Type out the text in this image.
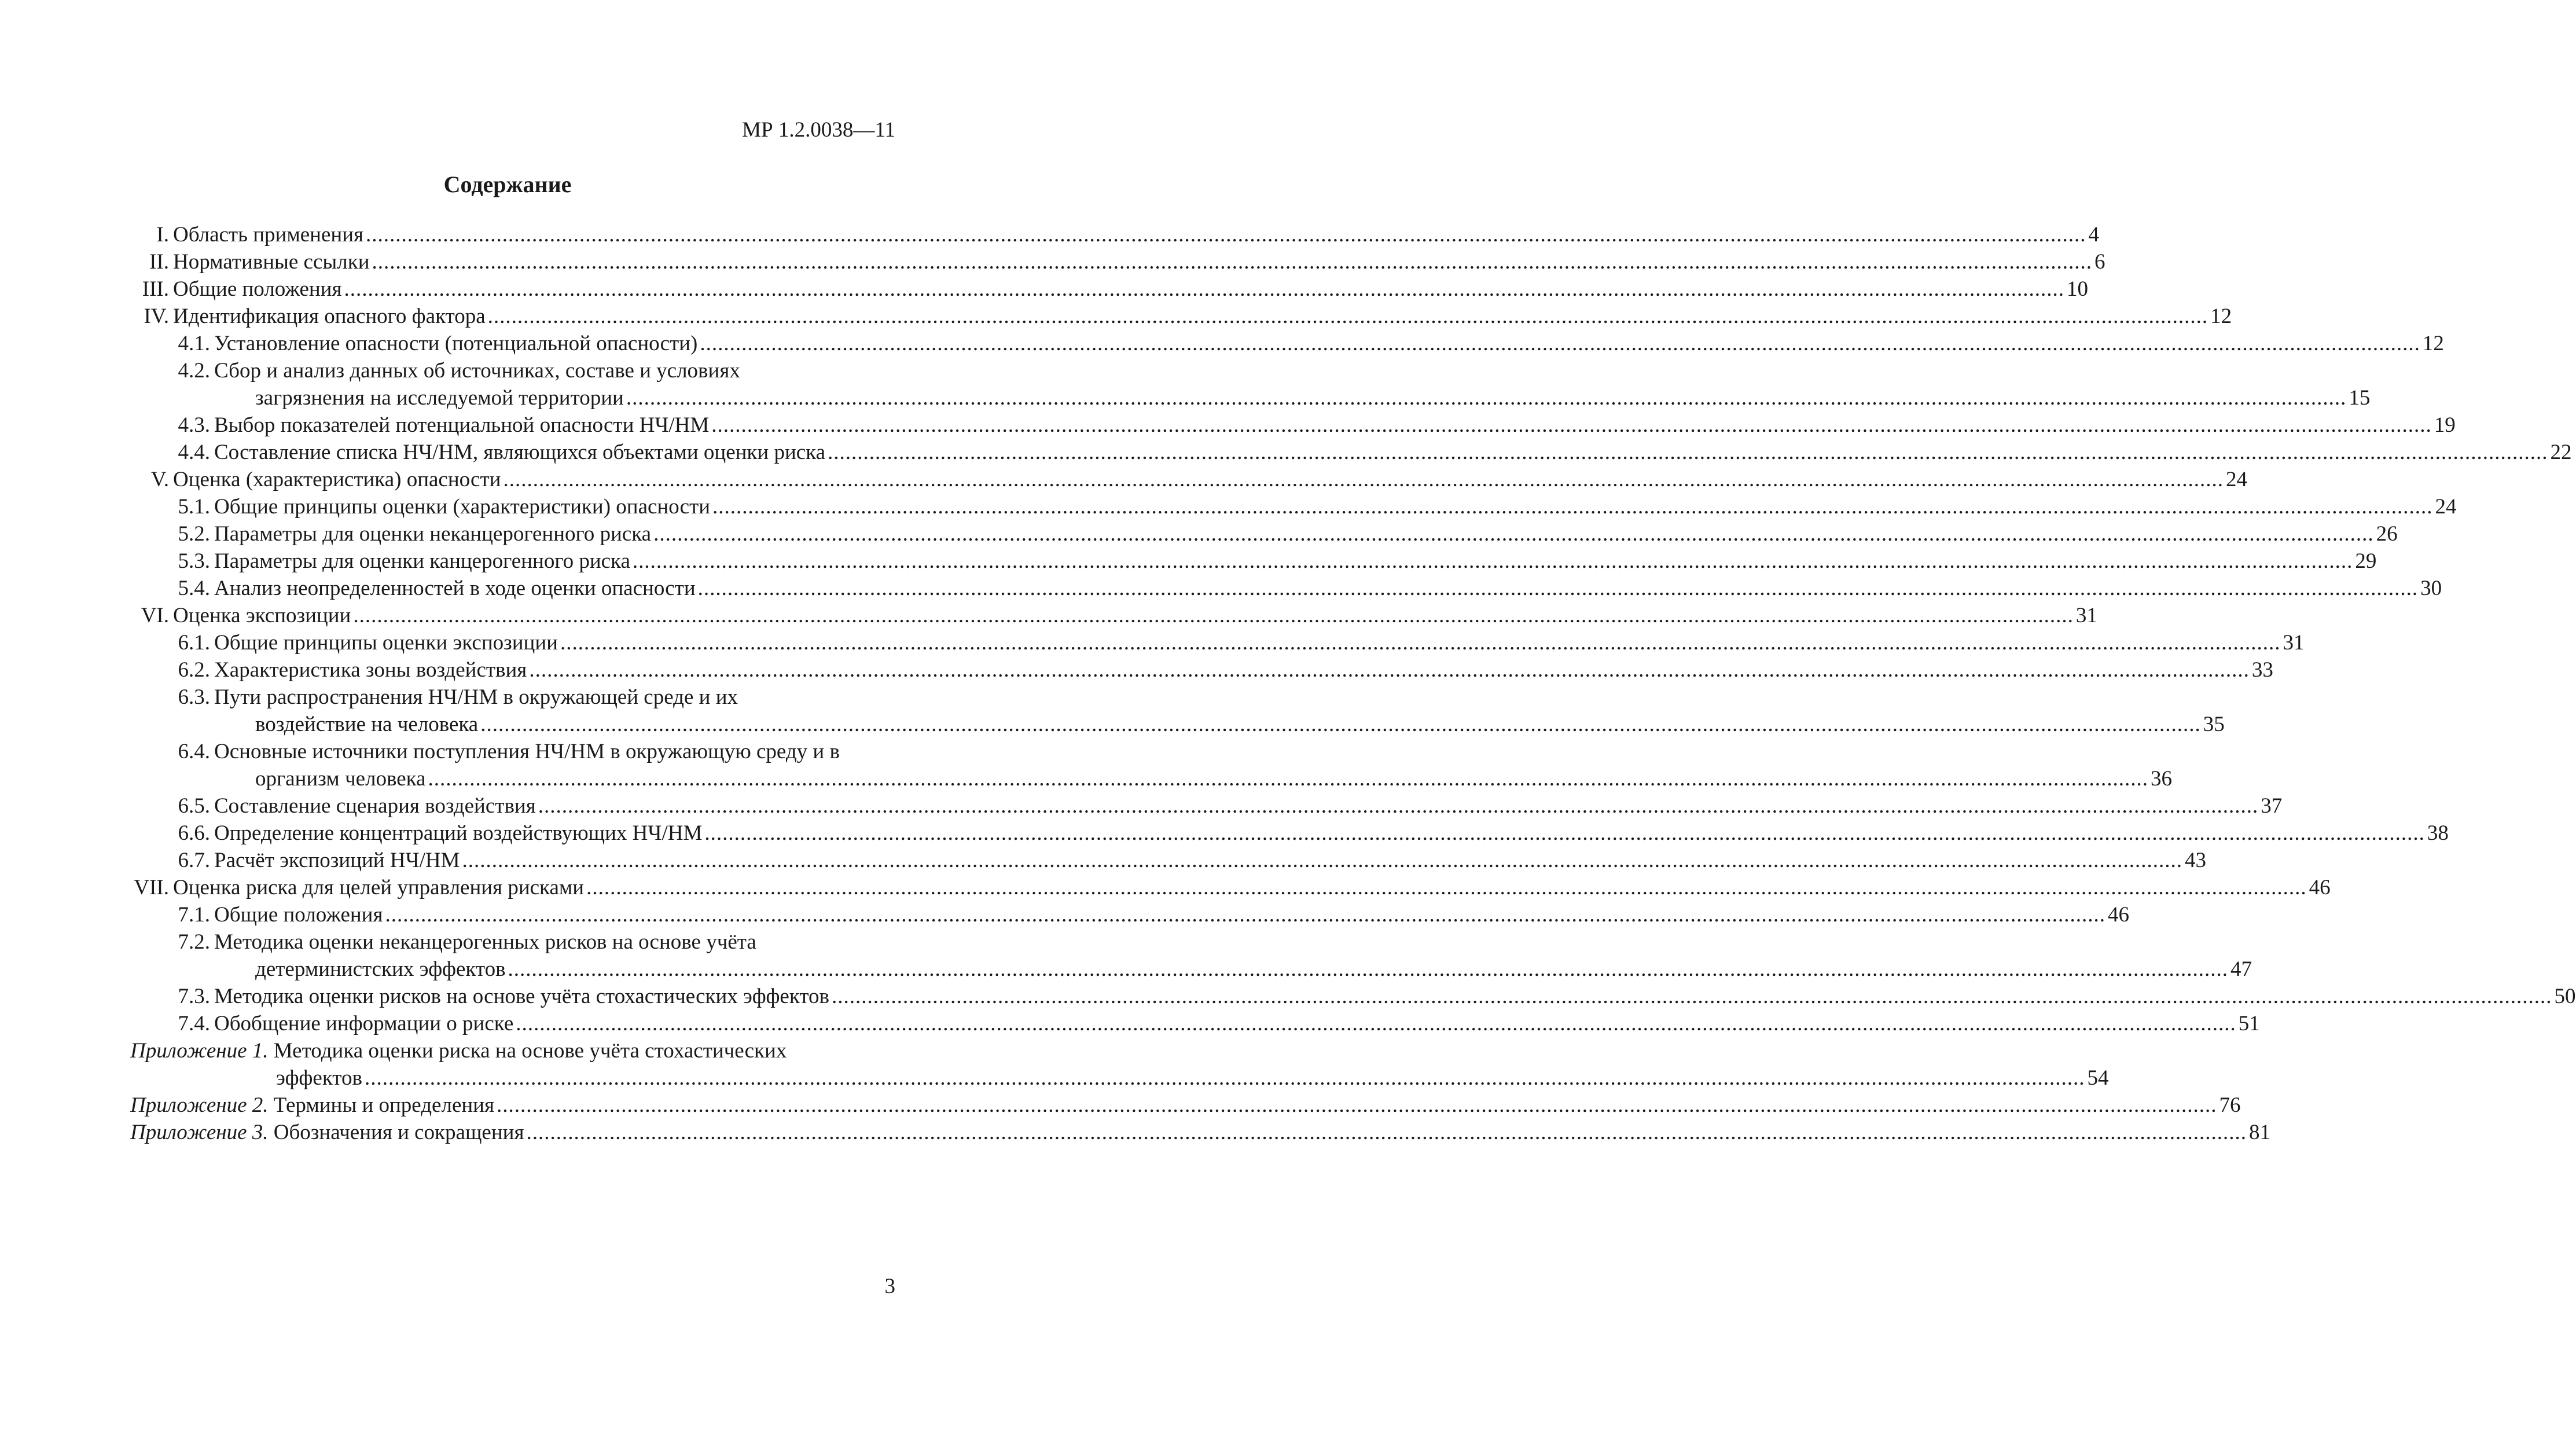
МР 1.2.0038—11
Содержание
I. Область применения .....	4
II. Нормативные ссылки .....	6
III. Общие положения .....	10
IV. Идентификация опасного фактора .....	12
4.1. Установление опасности (потенциальной опасности) .....	12
4.2. Сбор и анализ данных об источниках, составе и условиях
загрязнения на исследуемой территории .....	15
4.3. Выбор показателей потенциальной опасности НЧ/НМ .....	19
4.4. Составление списка НЧ/НМ, являющихся объектами оценки риска .....	22
V. Оценка (характеристика) опасности .....	24
5.1. Общие принципы оценки (характеристики) опасности .....	24
5.2. Параметры для оценки неканцерогенного риска .....	26
5.3. Параметры для оценки канцерогенного риска .....	29
5.4. Анализ неопределенностей в ходе оценки опасности .....	30
VI. Оценка экспозиции .....	31
6.1. Общие принципы оценки экспозиции .....	31
6.2. Характеристика зоны воздействия .....	33
6.3. Пути распространения НЧ/НМ в окружающей среде и их
воздействие на человека .....	35
6.4. Основные источники поступления НЧ/НМ в окружающую среду и в
организм человека .....	36
6.5. Составление сценария воздействия .....	37
6.6. Определение концентраций воздействующих НЧ/НМ .....	38
6.7. Расчёт экспозиций НЧ/НМ .....	43
VII. Оценка риска для целей управления рисками .....	46
7.1. Общие положения .....	46
7.2. Методика оценки неканцерогенных рисков на основе учёта
детерминистских эффектов .....	47
7.3. Методика оценки рисков на основе учёта стохастических эффектов .....	50
7.4. Обобщение информации о риске .....	51
Приложение 1. Методика оценки риска на основе учёта стохастических
эффектов .....	54
Приложение 2. Термины и определения .....	76
Приложение 3. Обозначения и сокращения .....	81
3
